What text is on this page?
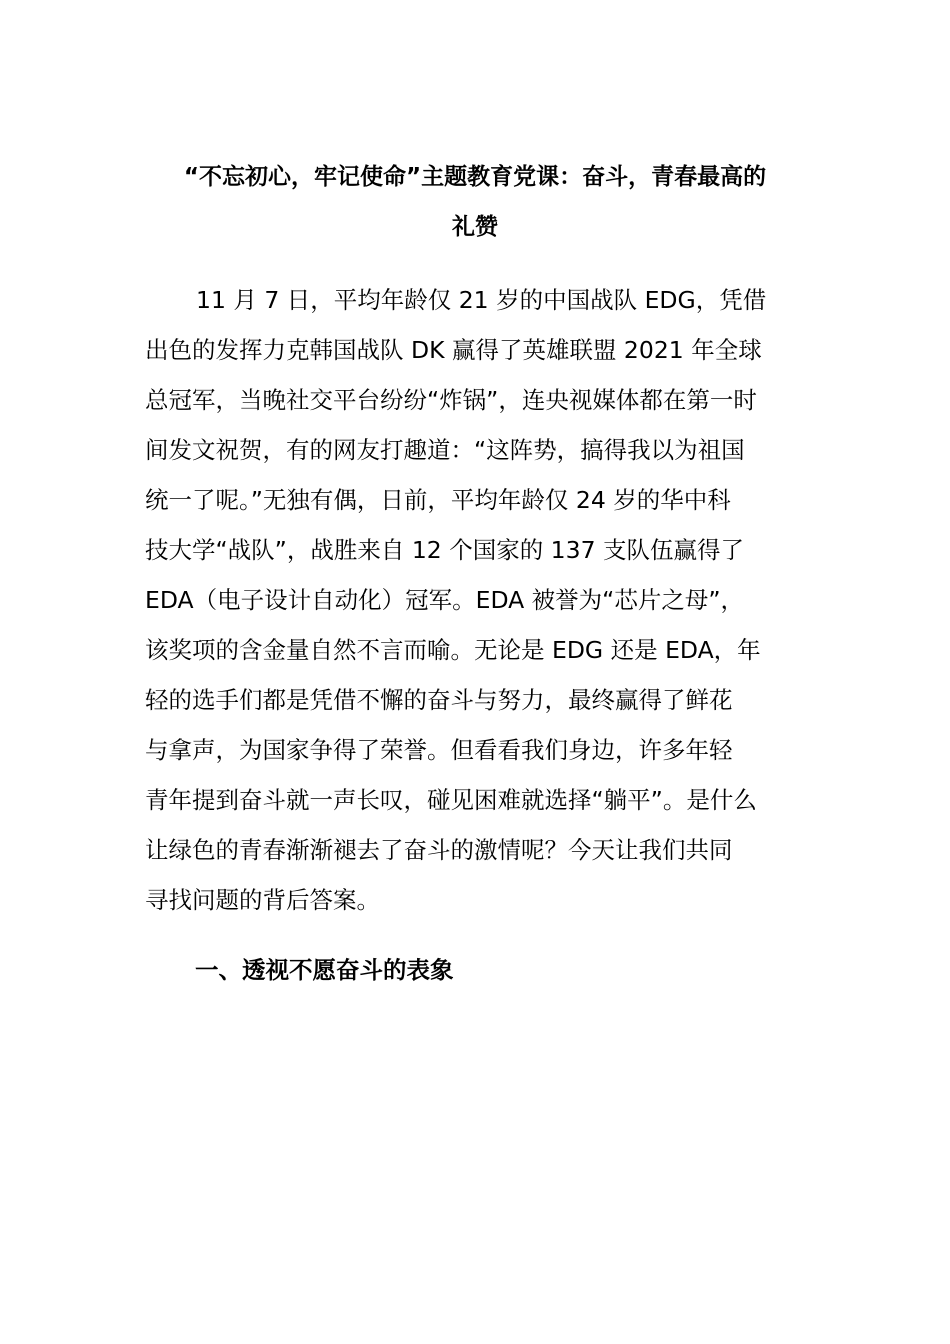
“不忘初心，牢记使命”主题教育党课：奋斗，青春最高的
礼赞

11 月 7 日，平均年龄仅 21 岁的中国战队 EDG，凭借
出色的发挥力克韩国战队 DK 赢得了英雄联盟 2021 年全球
总冠军，当晚社交平台纷纷“炸锅”，连央视媒体都在第一时
间发文祝贺，有的网友打趣道：“这阵势，搞得我以为祖国
统一了呢。”无独有偶，日前，平均年龄仅 24 岁的华中科
技大学“战队”，战胜来自 12 个国家的 137 支队伍赢得了
EDA（电子设计自动化）冠军。EDA 被誉为“芯片之母”，
该奖项的含金量自然不言而喻。无论是 EDG 还是 EDA，年
轻的选手们都是凭借不懈的奋斗与努力，最终赢得了鲜花
与拿声，为国家争得了荣誉。但看看我们身边，许多年轻
青年提到奋斗就一声长叹，碰见困难就选择“躺平”。是什么
让绿色的青春渐渐褪去了奋斗的激情呢？今天让我们共同
寻找问题的背后答案。

一、透视不愿奋斗的表象
